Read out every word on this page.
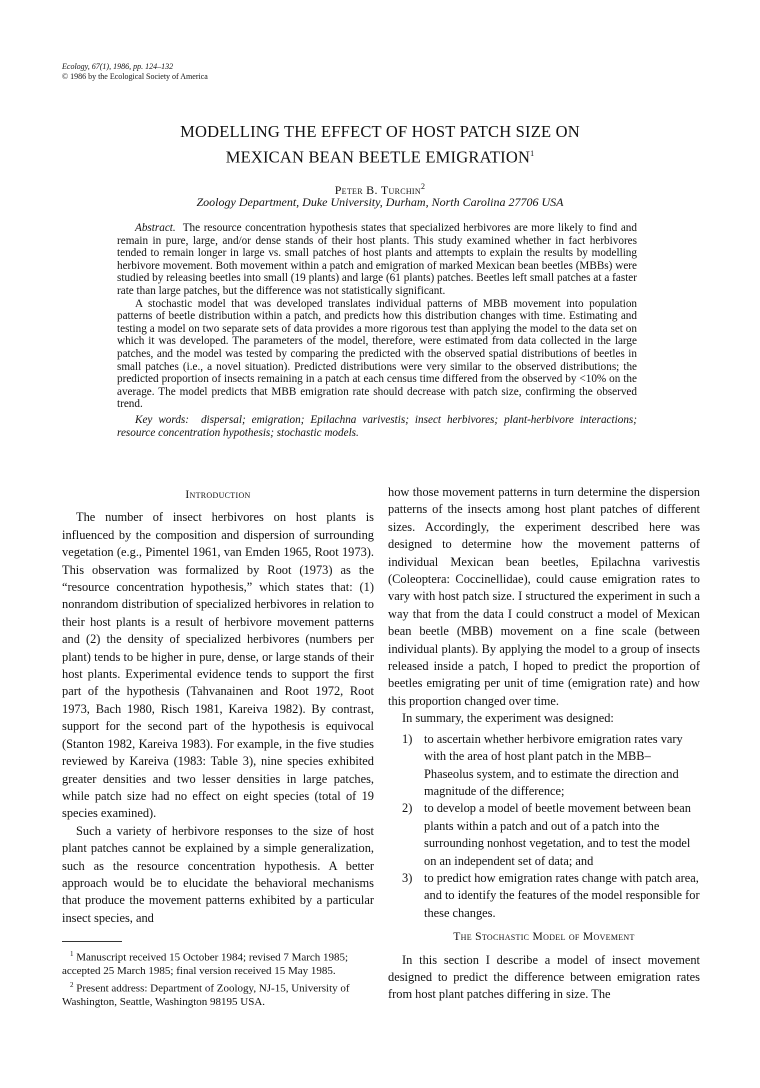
Ecology, 67(1), 1986, pp. 124–132
© 1986 by the Ecological Society of America
MODELLING THE EFFECT OF HOST PATCH SIZE ON
MEXICAN BEAN BEETLE EMIGRATION$^1$
Peter B. Turchin$^2$
Zoology Department, Duke University, Durham, North Carolina 27706 USA

Abstract. The resource concentration hypothesis states that specialized herbivores are more likely to find and remain in pure, large, and/or dense stands of their host plants. This study examined whether in fact herbivores tended to remain longer in large vs. small patches of host plants and attempts to explain the results by modelling herbivore movement. Both movement within a patch and emigration of marked Mexican bean beetles (MBBs) were studied by releasing beetles into small (19 plants) and large (61 plants) patches. Beetles left small patches at a faster rate than large patches, but the difference was not statistically significant.

A stochastic model that was developed translates individual patterns of MBB movement into population patterns of beetle distribution within a patch, and predicts how this distribution changes with time. Estimating and testing a model on two separate sets of data provides a more rigorous test than applying the model to the data set on which it was developed. The parameters of the model, therefore, were estimated from data collected in the large patches, and the model was tested by comparing the predicted with the observed spatial distributions of beetles in small patches (i.e., a novel situation). Predicted distributions were very similar to the observed distributions; the predicted proportion of insects remaining in a patch at each census time differed from the observed by <10% on the average. The model predicts that MBB emigration rate should decrease with patch size, confirming the observed trend.

Key words: dispersal; emigration; Epilachna varivestis; insect herbivores; plant-herbivore interactions; resource concentration hypothesis; stochastic models.

Introduction

The number of insect herbivores on host plants is influenced by the composition and dispersion of surrounding vegetation (e.g., Pimentel 1961, van Emden 1965, Root 1973). This observation was formalized by Root (1973) as the “resource concentration hypothesis,” which states that: (1) nonrandom distribution of specialized herbivores in relation to their host plants is a result of herbivore movement patterns and (2) the density of specialized herbivores (numbers per plant) tends to be higher in pure, dense, or large stands of their host plants. Experimental evidence tends to support the first part of the hypothesis (Tahvanainen and Root 1972, Root 1973, Bach 1980, Risch 1981, Kareiva 1982). By contrast, support for the second part of the hypothesis is equivocal (Stanton 1982, Kareiva 1983). For example, in the five studies reviewed by Kareiva (1983: Table 3), nine species exhibited greater densities and two lesser densities in large patches, while patch size had no effect on eight species (total of 19 species examined).

Such a variety of herbivore responses to the size of host plant patches cannot be explained by a simple generalization, such as the resource concentration hypothesis. A better approach would be to elucidate the behavioral mechanisms that produce the movement patterns exhibited by a particular insect species, and

$^1$ Manuscript received 15 October 1984; revised 7 March 1985; accepted 25 March 1985; final version received 15 May 1985.

$^2$ Present address: Department of Zoology, NJ-15, University of Washington, Seattle, Washington 98195 USA.

how those movement patterns in turn determine the dispersion patterns of the insects among host plant patches of different sizes. Accordingly, the experiment described here was designed to determine how the movement patterns of individual Mexican bean beetles, Epilachna varivestis (Coleoptera: Coccinellidae), could cause emigration rates to vary with host patch size. I structured the experiment in such a way that from the data I could construct a model of Mexican bean beetle (MBB) movement on a fine scale (between individual plants). By applying the model to a group of insects released inside a patch, I hoped to predict the proportion of beetles emigrating per unit of time (emigration rate) and how this proportion changed over time.

In summary, the experiment was designed:

1) to ascertain whether herbivore emigration rates vary with the area of host plant patch in the MBB–Phaseolus system, and to estimate the direction and magnitude of the difference;
2) to develop a model of beetle movement between bean plants within a patch and out of a patch into the surrounding nonhost vegetation, and to test the model on an independent set of data; and
3) to predict how emigration rates change with patch area, and to identify the features of the model responsible for these changes.
The Stochastic Model of Movement

In this section I describe a model of insect movement designed to predict the difference between emigration rates from host plant patches differing in size. The
